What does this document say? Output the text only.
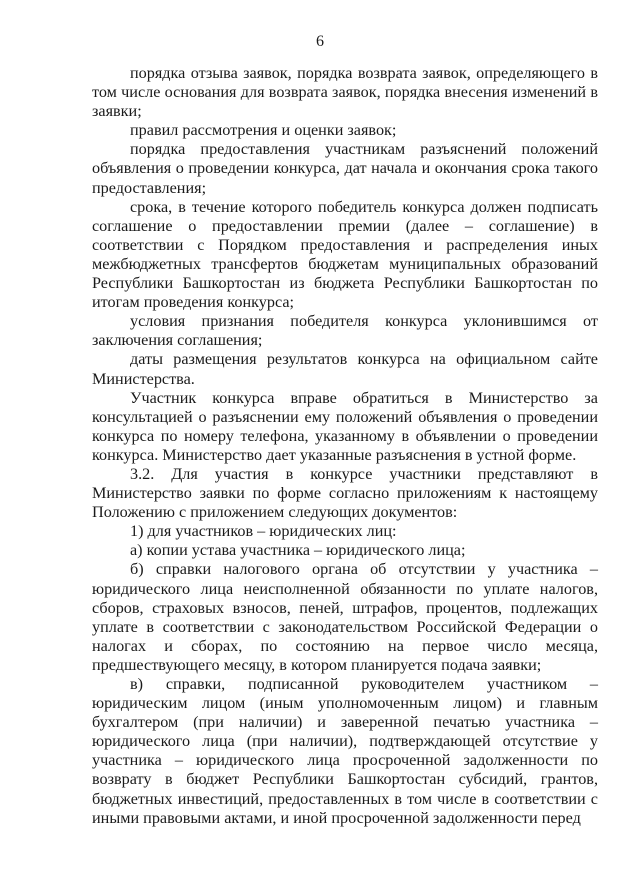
6

порядка отзыва заявок, порядка возврата заявок, определяющего в том числе основания для возврата заявок, порядка внесения изменений в заявки;

правил рассмотрения и оценки заявок;

порядка предоставления участникам разъяснений положений объявления о проведении конкурса, дат начала и окончания срока такого предоставления;

срока, в течение которого победитель конкурса должен подписать соглашение о предоставлении премии (далее – соглашение) в соответствии с Порядком предоставления и распределения иных межбюджетных трансфертов бюджетам муниципальных образований Республики Башкортостан из бюджета Республики Башкортостан по итогам проведения конкурса;

условия признания победителя конкурса уклонившимся от заключения соглашения;

даты размещения результатов конкурса на официальном сайте Министерства.

Участник конкурса вправе обратиться в Министерство за консультацией о разъяснении ему положений объявления о проведении конкурса по номеру телефона, указанному в объявлении о проведении конкурса. Министерство дает указанные разъяснения в устной форме.

3.2. Для участия в конкурсе участники представляют в Министерство заявки по форме согласно приложениям к настоящему Положению с приложением следующих документов:

1) для участников – юридических лиц:

а) копии устава участника – юридического лица;

б) справки налогового органа об отсутствии у участника – юридического лица неисполненной обязанности по уплате налогов, сборов, страховых взносов, пеней, штрафов, процентов, подлежащих уплате в соответствии с законодательством Российской Федерации о налогах и сборах, по состоянию на первое число месяца, предшествующего месяцу, в котором планируется подача заявки;

в) справки, подписанной руководителем участником – юридическим лицом (иным уполномоченным лицом) и главным бухгалтером (при наличии) и заверенной печатью участника – юридического лица (при наличии), подтверждающей отсутствие у участника – юридического лица просроченной задолженности по возврату в бюджет Республики Башкортостан субсидий, грантов, бюджетных инвестиций, предоставленных в том числе в соответствии с иными правовыми актами, и иной просроченной задолженности перед
